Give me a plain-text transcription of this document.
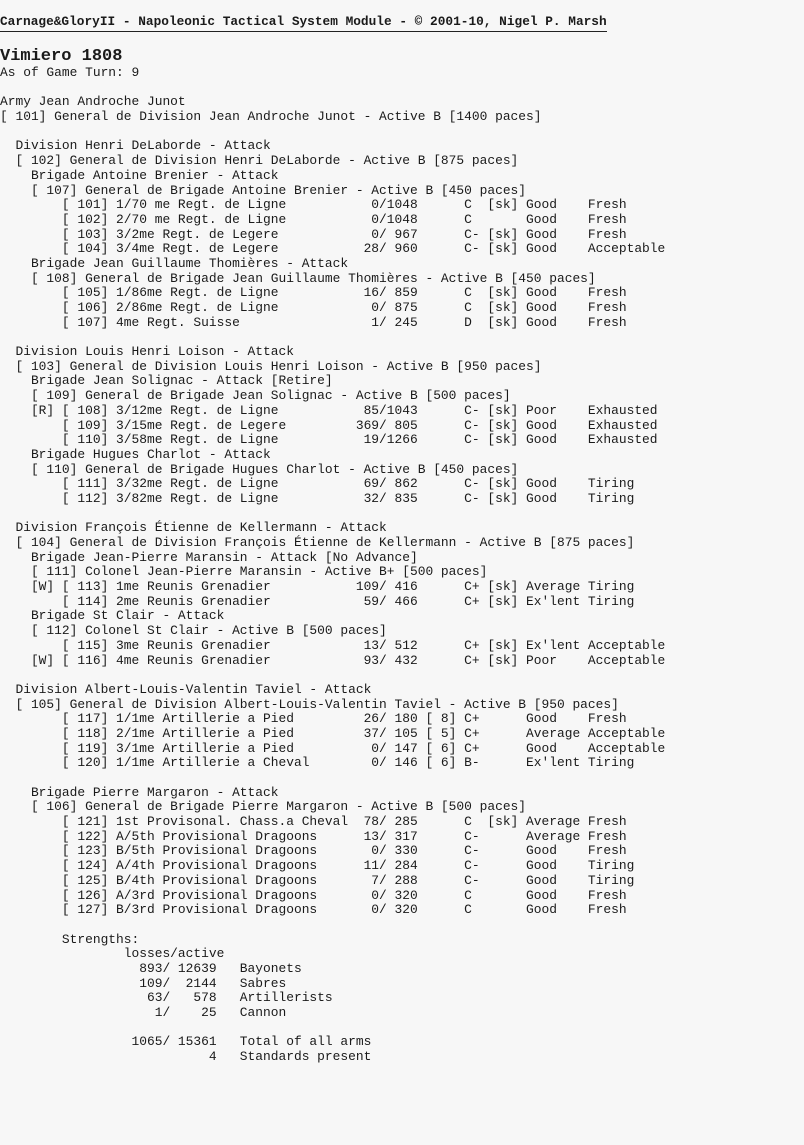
Carnage&GloryII - Napoleonic Tactical System Module - © 2001-10, Nigel P. Marsh
Vimiero 1808
As of Game Turn: 9
Army Jean Androche Junot
[ 101] General de Division Jean Androche Junot - Active B [1400 paces]
Division Henri DeLaborde - Attack
[ 102] General de Division Henri DeLaborde - Active B [875 paces]
Brigade Antoine Brenier - Attack
[ 107] General de Brigade Antoine Brenier - Active B [450 paces]
[ 101] 1/70 me Regt. de Ligne           0/1048      C  [sk] Good    Fresh
[ 102] 2/70 me Regt. de Ligne           0/1048      C       Good    Fresh
[ 103] 3/2me Regt. de Legere            0/ 967      C- [sk] Good    Fresh
[ 104] 3/4me Regt. de Legere           28/ 960      C- [sk] Good    Acceptable
Brigade Jean Guillaume Thomières - Attack
[ 108] General de Brigade Jean Guillaume Thomières - Active B [450 paces]
[ 105] 1/86me Regt. de Ligne           16/ 859      C  [sk] Good    Fresh
[ 106] 2/86me Regt. de Ligne            0/ 875      C  [sk] Good    Fresh
[ 107] 4me Regt. Suisse                 1/ 245      D  [sk] Good    Fresh
Division Louis Henri Loison - Attack
[ 103] General de Division Louis Henri Loison - Active B [950 paces]
Brigade Jean Solignac - Attack [Retire]
[ 109] General de Brigade Jean Solignac - Active B [500 paces]
[R] [ 108] 3/12me Regt. de Ligne           85/1043      C- [sk] Poor    Exhausted
[ 109] 3/15me Regt. de Legere         369/ 805      C- [sk] Good    Exhausted
[ 110] 3/58me Regt. de Ligne           19/1266      C- [sk] Good    Exhausted
Brigade Hugues Charlot - Attack
[ 110] General de Brigade Hugues Charlot - Active B [450 paces]
[ 111] 3/32me Regt. de Ligne           69/ 862      C- [sk] Good    Tiring
[ 112] 3/82me Regt. de Ligne           32/ 835      C- [sk] Good    Tiring
Division François Étienne de Kellermann - Attack
[ 104] General de Division François Étienne de Kellermann - Active B [875 paces]
Brigade Jean-Pierre Maransin - Attack [No Advance]
[ 111] Colonel Jean-Pierre Maransin - Active B+ [500 paces]
[W] [ 113] 1me Reunis Grenadier           109/ 416      C+ [sk] Average Tiring
[ 114] 2me Reunis Grenadier            59/ 466      C+ [sk] Ex'lent Tiring
Brigade St Clair - Attack
[ 112] Colonel St Clair - Active B [500 paces]
[ 115] 3me Reunis Grenadier            13/ 512      C+ [sk] Ex'lent Acceptable
[W] [ 116] 4me Reunis Grenadier            93/ 432      C+ [sk] Poor    Acceptable
Division Albert-Louis-Valentin Taviel - Attack
[ 105] General de Division Albert-Louis-Valentin Taviel - Active B [950 paces]
[ 117] 1/1me Artillerie a Pied         26/ 180 [ 8] C+      Good    Fresh
[ 118] 2/1me Artillerie a Pied         37/ 105 [ 5] C+      Average Acceptable
[ 119] 3/1me Artillerie a Pied          0/ 147 [ 6] C+      Good    Acceptable
[ 120] 1/1me Artillerie a Cheval        0/ 146 [ 6] B-      Ex'lent Tiring
Brigade Pierre Margaron - Attack
[ 106] General de Brigade Pierre Margaron - Active B [500 paces]
[ 121] 1st Provisonal. Chass.a Cheval  78/ 285      C  [sk] Average Fresh
[ 122] A/5th Provisional Dragoons      13/ 317      C-      Average Fresh
[ 123] B/5th Provisional Dragoons       0/ 330      C-      Good    Fresh
[ 124] A/4th Provisional Dragoons      11/ 284      C-      Good    Tiring
[ 125] B/4th Provisional Dragoons       7/ 288      C-      Good    Tiring
[ 126] A/3rd Provisional Dragoons       0/ 320      C       Good    Fresh
[ 127] B/3rd Provisional Dragoons       0/ 320      C       Good    Fresh
Strengths:
losses/active
893/ 12639   Bayonets
109/  2144   Sabres
63/   578   Artillerists
1/    25   Cannon
1065/ 15361   Total of all arms
4   Standards present
